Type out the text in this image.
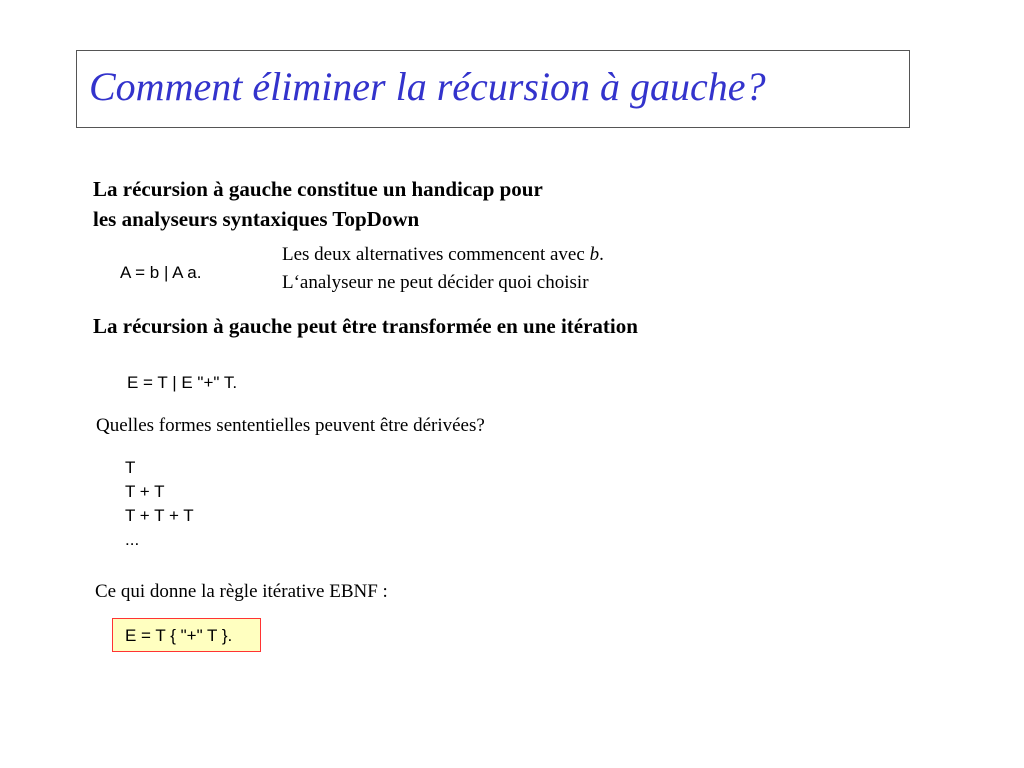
Comment éliminer la récursion à gauche?
La récursion à gauche constitue un handicap pour
les analyseurs syntaxiques TopDown
A = b | A a.
Les deux alternatives commencent avec b.
L‘analyseur ne peut décider quoi choisir
La récursion à gauche peut être transformée en une itération
E = T | E "+" T.
Quelles formes sententielles peuvent être dérivées?
T
T + T
T + T + T
...
Ce qui donne la règle itérative EBNF :
E = T { "+" T }.
